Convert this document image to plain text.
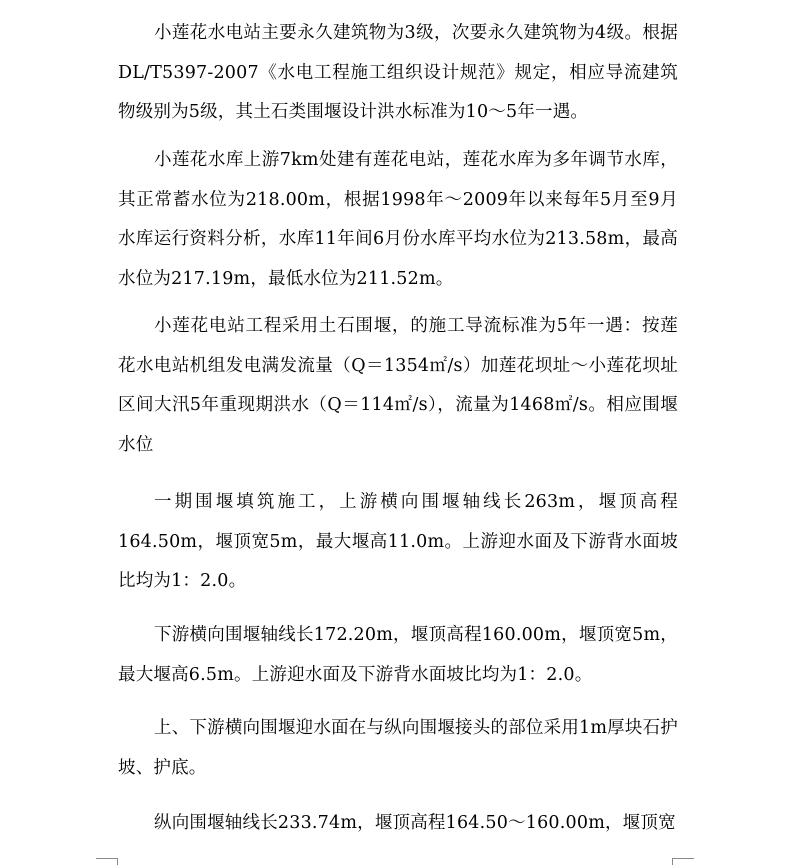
小莲花水电站主要永久建筑物为3级，次要永久建筑物为4级。根据DL/T5397-2007《水电工程施工组织设计规范》规定，相应导流建筑物级别为5级，其土石类围堰设计洪水标准为10～5年一遇。

小莲花水库上游7km处建有莲花电站，莲花水库为多年调节水库，其正常蓄水位为218.00m，根据1998年～2009年以来每年5月至9月水库运行资料分析，水库11年间6月份水库平均水位为213.58m，最高水位为217.19m，最低水位为211.52m。

小莲花电站工程采用土石围堰，的施工导流标准为5年一遇：按莲花水电站机组发电满发流量（Q＝1354㎡/s）加莲花坝址～小莲花坝址区间大汛5年重现期洪水（Q＝114㎡/s），流量为1468㎡/s。相应围堰水位

一期围堰填筑施工，上游横向围堰轴线长263m，堰顶高程164.50m，堰顶宽5m，最大堰高11.0m。上游迎水面及下游背水面坡比均为1：2.0。

下游横向围堰轴线长172.20m，堰顶高程160.00m，堰顶宽5m，最大堰高6.5m。上游迎水面及下游背水面坡比均为1：2.0。

上、下游横向围堰迎水面在与纵向围堰接头的部位采用1m厚块石护坡、护底。

纵向围堰轴线长233.74m，堰顶高程164.50～160.00m，堰顶宽
